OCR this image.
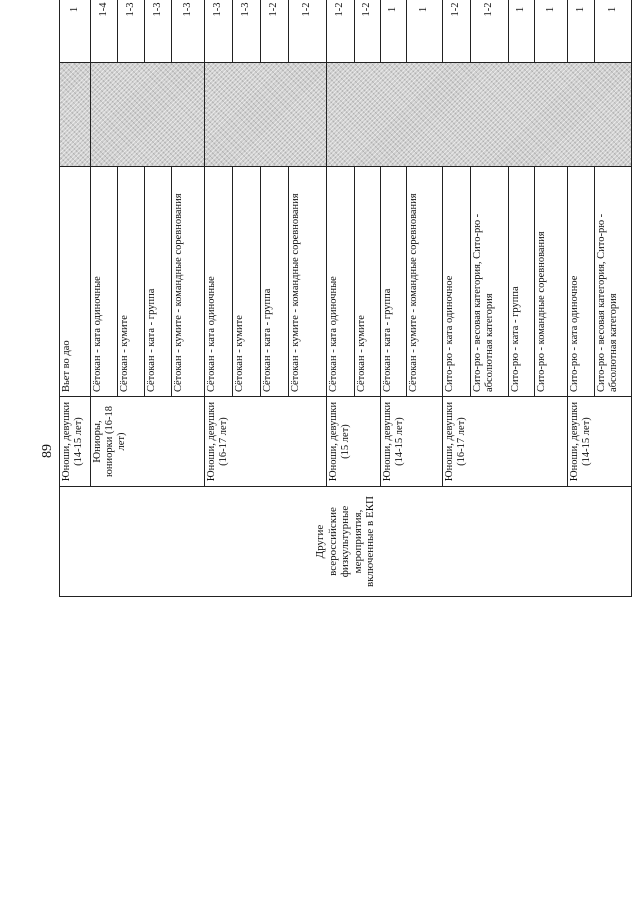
89
Другие всероссийские физкультурные мероприятия, включенные в ЕКП	Юноши, девушки (14-15 лет)	Вьет во дао		1		
	Юниоры, юниорки (16-18 лет)	Сётокан - ката одиночные		1-4		
		Сётокан - кумите		1-3		
		Сётокан - ката - группа		1-3		
		Сётокан - кумите - командные соревнования		1-3		
	Юноши, девушки (16-17 лет)	Сётокан - ката одиночные		1-3		
		Сётокан - кумите		1-3		
		Сётокан - ката - группа		1-2		
		Сётокан - кумите - командные соревнования		1-2		
	Юноши, девушки (15 лет)	Сётокан - ката одиночные		1-2		
		Сётокан - кумите		1-2	
	Юноши, девушки (14-15 лет)	Сётокан - ката - группа		1	
		Сётокан - кумите - командные соревнования		1	
	Юноши, девушки (16-17 лет)	Сито-рю - ката одиночное		1-2	
		Сито-рю - весовая категория, Сито-рю - абсолютная категория		1-2	
		Сито-рю - ката - группа		1	
		Сито-рю - командные соревнования		1	
	Юноши, девушки (14-15 лет)	Сито-рю - ката одиночное		1	
		Сито-рю - весовая категория, Сито-рю - абсолютная категория		1	
